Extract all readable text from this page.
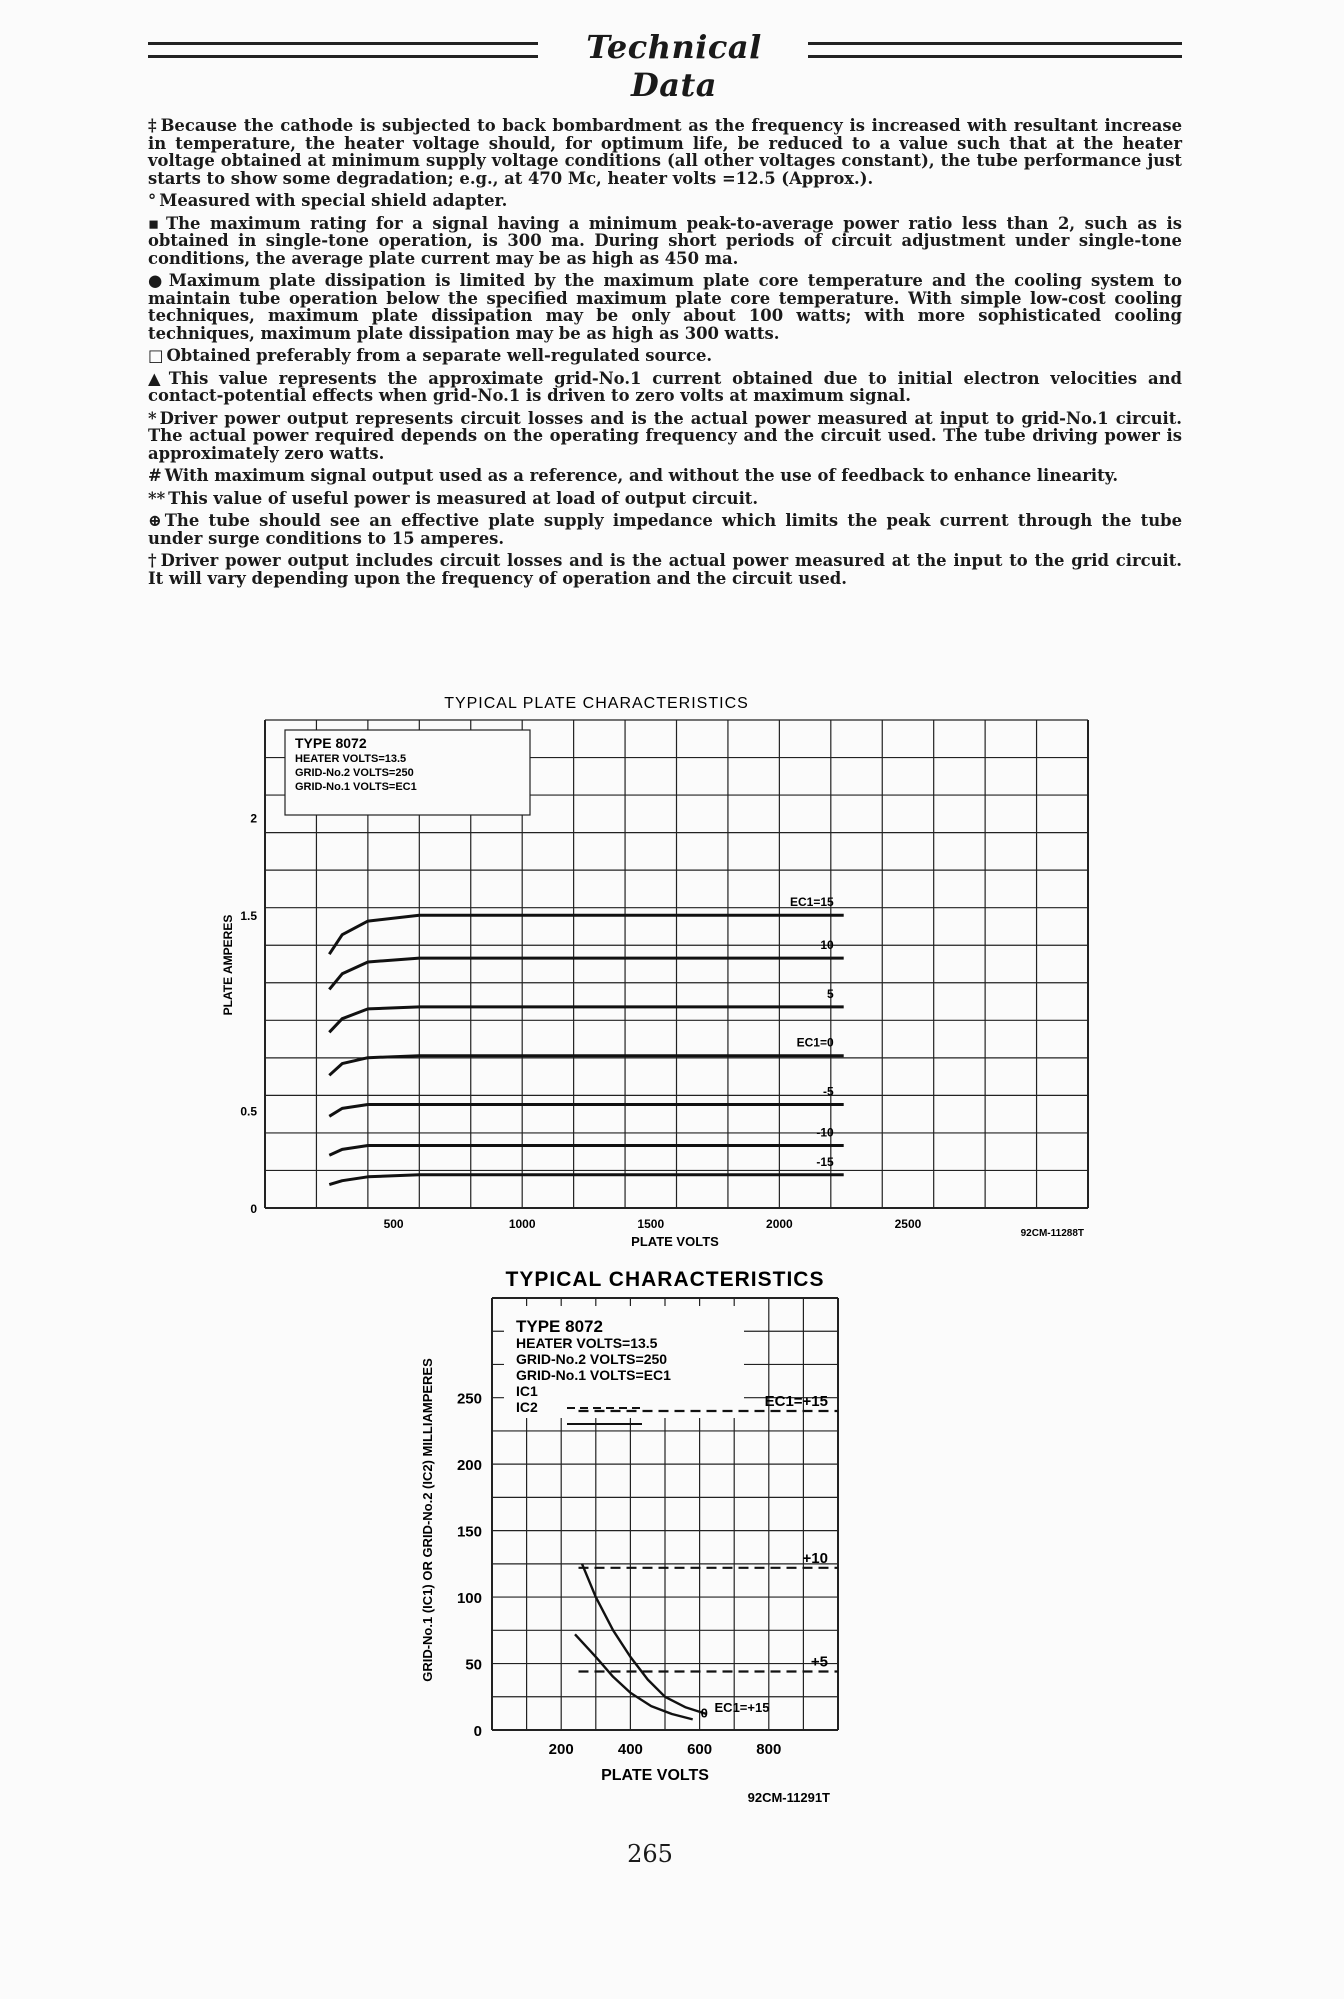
Technical Data

‡ Because the cathode is subjected to back bombardment as the frequency is increased with resultant increase in temperature, the heater voltage should, for optimum life, be reduced to a value such that at the heater voltage obtained at minimum supply voltage conditions (all other voltages constant), the tube performance just starts to show some degradation; e.g., at 470 Mc, heater volts =12.5 (Approx.).

° Measured with special shield adapter.

▪ The maximum rating for a signal having a minimum peak-to-average power ratio less than 2, such as is obtained in single-tone operation, is 300 ma. During short periods of circuit adjustment under single-tone conditions, the average plate current may be as high as 450 ma.

● Maximum plate dissipation is limited by the maximum plate core temperature and the cooling system to maintain tube operation below the specified maximum plate core temperature. With simple low-cost cooling techniques, maximum plate dissipation may be only about 100 watts; with more sophisticated cooling techniques, maximum plate dissipation may be as high as 300 watts.

□ Obtained preferably from a separate well-regulated source.

▲ This value represents the approximate grid-No.1 current obtained due to initial electron velocities and contact-potential effects when grid-No.1 is driven to zero volts at maximum signal.

* Driver power output represents circuit losses and is the actual power measured at input to grid-No.1 circuit. The actual power required depends on the operating frequency and the circuit used. The tube driving power is approximately zero watts.

# With maximum signal output used as a reference, and without the use of feedback to enhance linearity.

** This value of useful power is measured at load of output circuit.

⊕ The tube should see an effective plate supply impedance which limits the peak current through the tube under surge conditions to 15 amperes.

† Driver power output includes circuit losses and is the actual power measured at the input to the grid circuit. It will vary depending upon the frequency of operation and the circuit used.

TYPICAL PLATE CHARACTERISTICS
TYPE 8072
HEATER VOLTS=13.5
GRID-No.2 VOLTS=250
GRID-No.1 VOLTS=EC1
500	1000	1500	2000	2500
0
0.5
1.5
2
PLATE VOLTS
PLATE AMPERES
92CM-11288T
EC1=15
10
5
EC1=0
-5
-10
-15
TYPICAL CHARACTERISTICS
TYPE 8072
HEATER VOLTS=13.5
GRID-No.2 VOLTS=250
GRID-No.1 VOLTS=EC1
IC1
IC2
200	400	600	800
0
50
100
150
200
250
PLATE VOLTS
GRID-No.1 (IC1) OR GRID-No.2 (IC2) MILLIAMPERES
92CM-11291T
EC1=+15
+10
+5
EC1=+15
0
265
